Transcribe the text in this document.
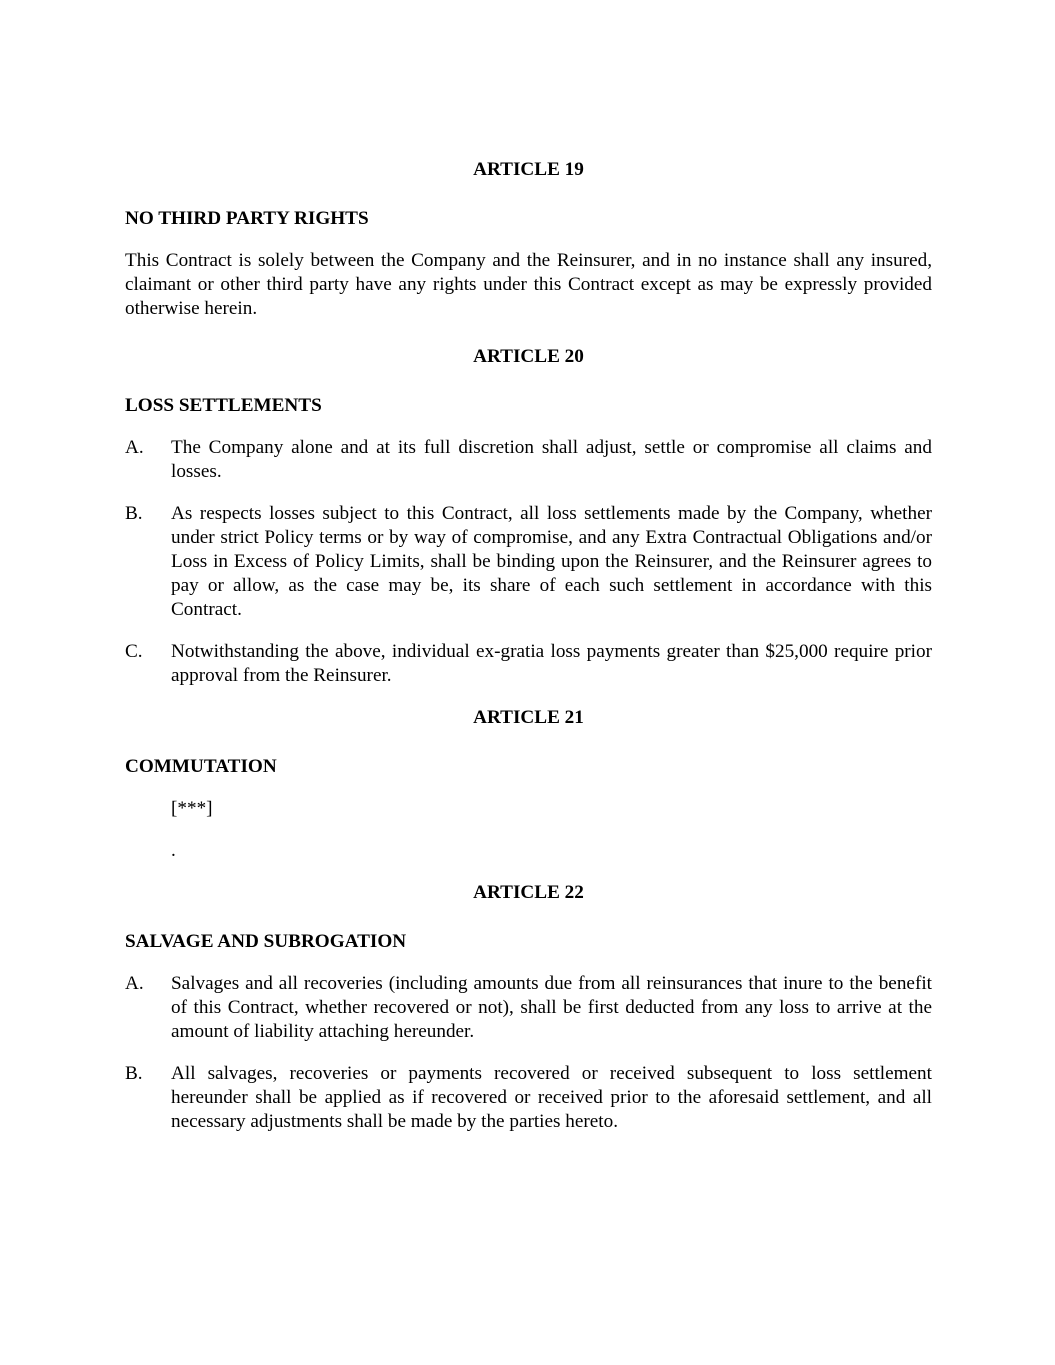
ARTICLE 19

NO THIRD PARTY RIGHTS

This Contract is solely between the Company and the Reinsurer, and in no instance shall any insured, claimant or other third party have any rights under this Contract except as may be expressly provided otherwise herein.

ARTICLE 20

LOSS SETTLEMENTS

A.	The Company alone and at its full discretion shall adjust, settle or compromise all claims and losses.
B.	As respects losses subject to this Contract, all loss settlements made by the Company, whether under strict Policy terms or by way of compromise, and any Extra Contractual Obligations and/or Loss in Excess of Policy Limits, shall be binding upon the Reinsurer, and the Reinsurer agrees to pay or allow, as the case may be, its share of each such settlement in accordance with this Contract.
C.	Notwithstanding the above, individual ex-gratia loss payments greater than $25,000 require prior approval from the Reinsurer.

ARTICLE 21

COMMUTATION

[***]

.

ARTICLE 22

SALVAGE AND SUBROGATION

A.	Salvages and all recoveries (including amounts due from all reinsurances that inure to the benefit of this Contract, whether recovered or not), shall be first deducted from any loss to arrive at the amount of liability attaching hereunder.
B.	All salvages, recoveries or payments recovered or received subsequent to loss settlement hereunder shall be applied as if recovered or received prior to the aforesaid settlement, and all necessary adjustments shall be made by the parties hereto.
